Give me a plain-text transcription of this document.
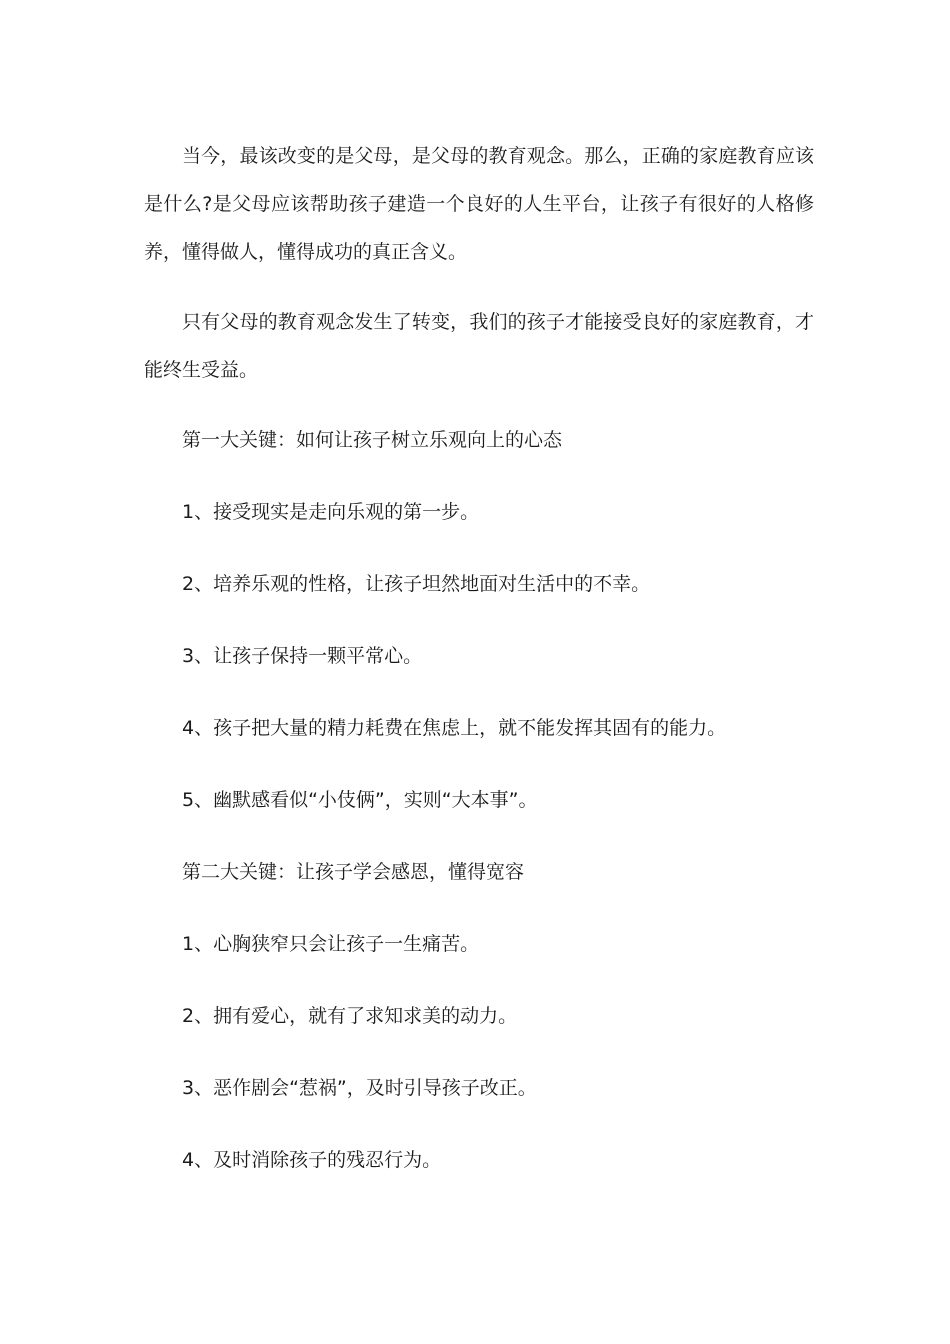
当今，最该改变的是父母，是父母的教育观念。那么，正确的家庭教育应该是什么?是父母应该帮助孩子建造一个良好的人生平台，让孩子有很好的人格修养，懂得做人，懂得成功的真正含义。

只有父母的教育观念发生了转变，我们的孩子才能接受良好的家庭教育，才能终生受益。

第一大关键：如何让孩子树立乐观向上的心态

1、接受现实是走向乐观的第一步。

2、培养乐观的性格，让孩子坦然地面对生活中的不幸。

3、让孩子保持一颗平常心。

4、孩子把大量的精力耗费在焦虑上，就不能发挥其固有的能力。

5、幽默感看似“小伎俩”，实则“大本事”。

第二大关键：让孩子学会感恩，懂得宽容

1、心胸狭窄只会让孩子一生痛苦。

2、拥有爱心，就有了求知求美的动力。

3、恶作剧会“惹祸”，及时引导孩子改正。

4、及时消除孩子的残忍行为。
